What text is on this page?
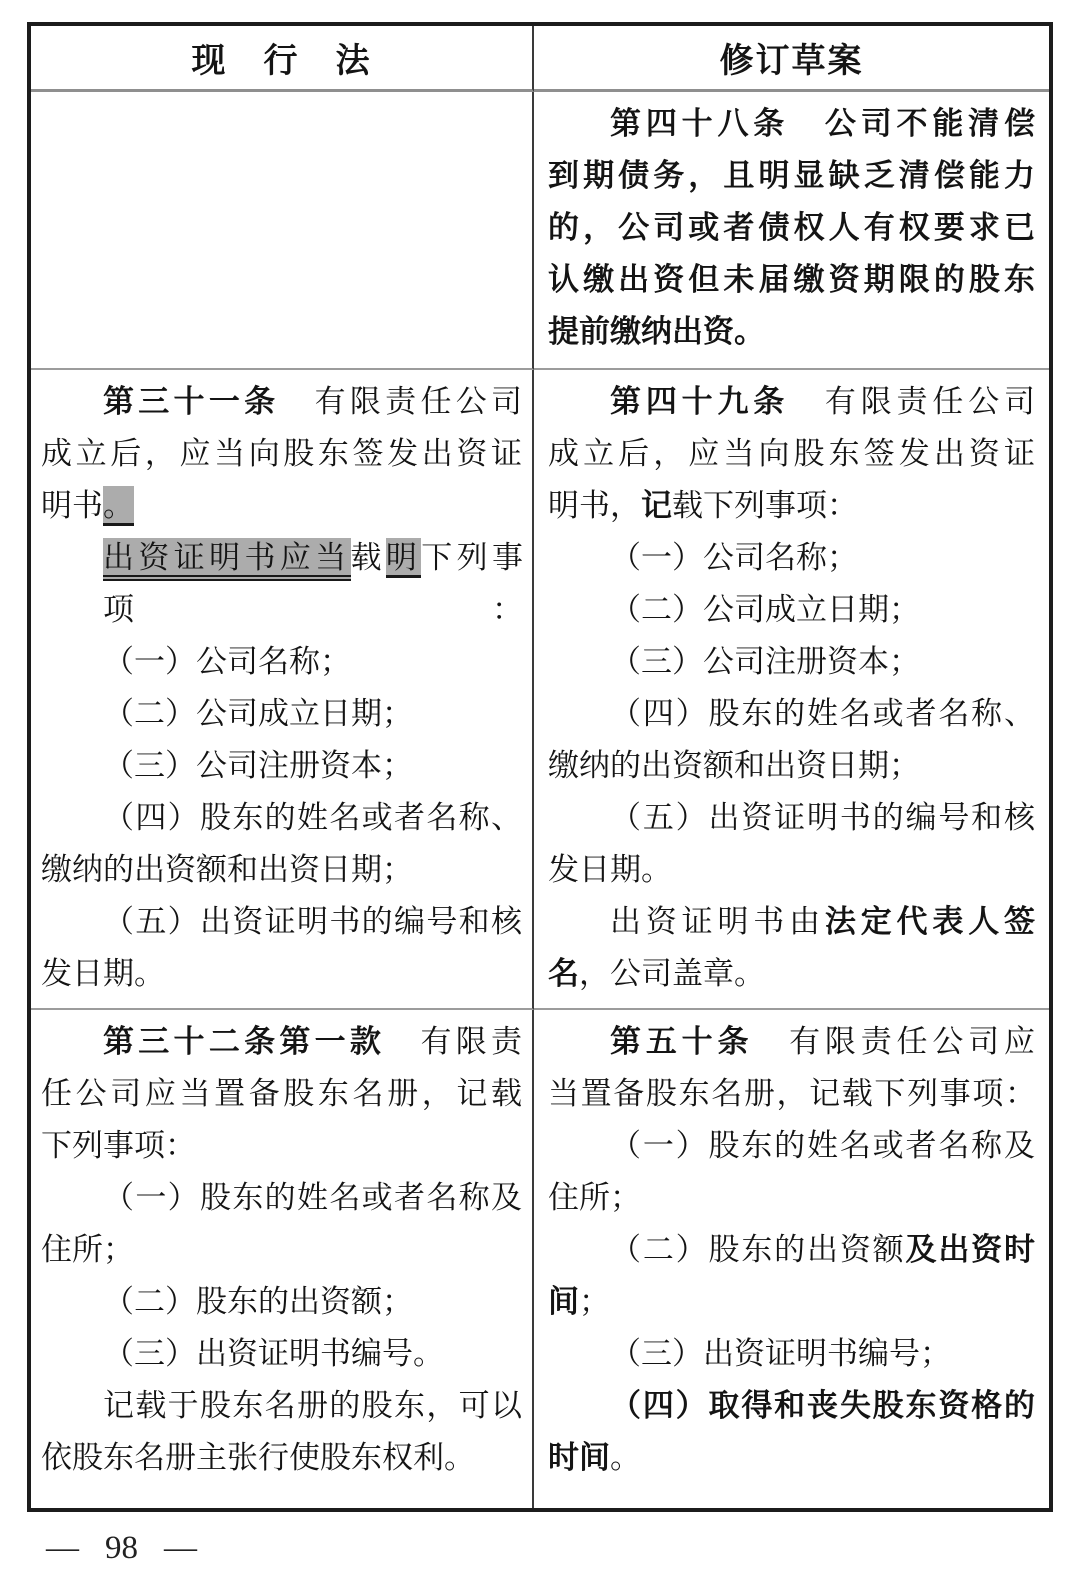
现　行　法	修订草案
第四十八条　公司不能清偿
到期债务，且明显缺乏清偿能力
的，公司或者债权人有权要求已
认缴出资但未届缴资期限的股东
提前缴纳出资。
第三十一条　有限责任公司
成立后，应当向股东签发出资证
明书。
出资证明书应当载明下列事项：
（一）公司名称；
（二）公司成立日期；
（三）公司注册资本；
（四）股东的姓名或者名称、
缴纳的出资额和出资日期；
（五）出资证明书的编号和核
发日期。
第四十九条　有限责任公司
成立后，应当向股东签发出资证
明书，记载下列事项：
（一）公司名称；
（二）公司成立日期；
（三）公司注册资本；
（四）股东的姓名或者名称、
缴纳的出资额和出资日期；
（五）出资证明书的编号和核
发日期。
出资证明书由法定代表人签
名，公司盖章。
第三十二条第一款　有限责
任公司应当置备股东名册，记载
下列事项：
（一）股东的姓名或者名称及
住所；
（二）股东的出资额；
（三）出资证明书编号。
记载于股东名册的股东，可以
依股东名册主张行使股东权利。
第五十条　有限责任公司应
当置备股东名册，记载下列事项：
（一）股东的姓名或者名称及
住所；
（二）股东的出资额及出资时
间；
（三）出资证明书编号；
（四）取得和丧失股东资格的
时间。
— 98 —
